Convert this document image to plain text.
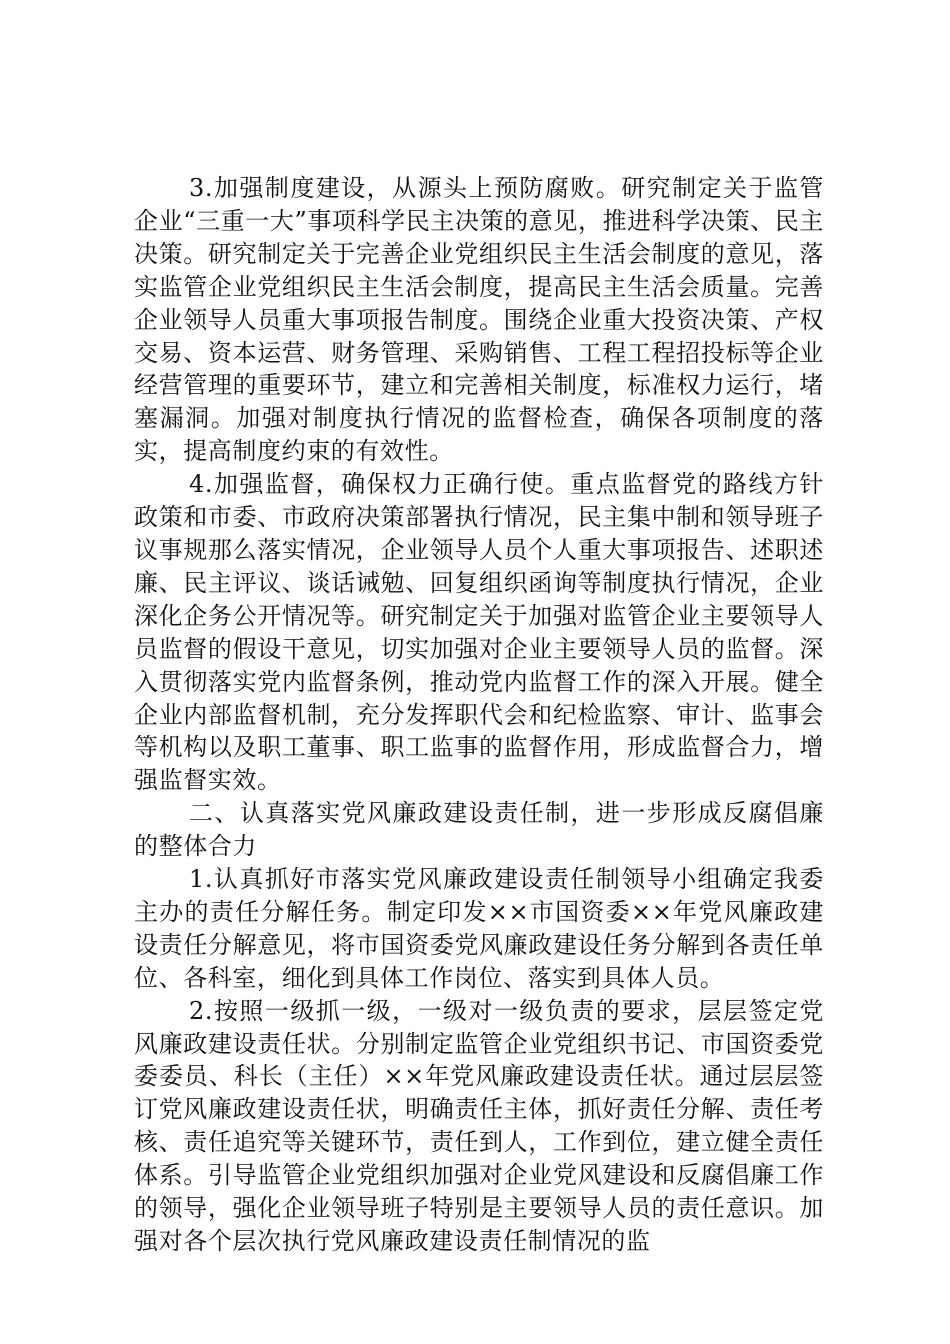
3.加强制度建设，从源头上预防腐败。研究制定关于监管企业“三重一大”事项科学民主决策的意见，推进科学决策、民主决策。研究制定关于完善企业党组织民主生活会制度的意见，落实监管企业党组织民主生活会制度，提高民主生活会质量。完善企业领导人员重大事项报告制度。围绕企业重大投资决策、产权交易、资本运营、财务管理、采购销售、工程工程招投标等企业经营管理的重要环节，建立和完善相关制度，标准权力运行，堵塞漏洞。加强对制度执行情况的监督检查，确保各项制度的落实，提高制度约束的有效性。

4.加强监督，确保权力正确行使。重点监督党的路线方针政策和市委、市政府决策部署执行情况，民主集中制和领导班子议事规那么落实情况，企业领导人员个人重大事项报告、述职述廉、民主评议、谈话诫勉、回复组织函询等制度执行情况，企业深化企务公开情况等。研究制定关于加强对监管企业主要领导人员监督的假设干意见，切实加强对企业主要领导人员的监督。深入贯彻落实党内监督条例，推动党内监督工作的深入开展。健全企业内部监督机制，充分发挥职代会和纪检监察、审计、监事会等机构以及职工董事、职工监事的监督作用，形成监督合力，增强监督实效。

二、认真落实党风廉政建设责任制，进一步形成反腐倡廉的整体合力

1.认真抓好市落实党风廉政建设责任制领导小组确定我委主办的责任分解任务。制定印发××市国资委××年党风廉政建设责任分解意见，将市国资委党风廉政建设任务分解到各责任单位、各科室，细化到具体工作岗位、落实到具体人员。

2.按照一级抓一级，一级对一级负责的要求，层层签定党风廉政建设责任状。分别制定监管企业党组织书记、市国资委党委委员、科长（主任）××年党风廉政建设责任状。通过层层签订党风廉政建设责任状，明确责任主体，抓好责任分解、责任考核、责任追究等关键环节，责任到人，工作到位，建立健全责任体系。引导监管企业党组织加强对企业党风建设和反腐倡廉工作的领导，强化企业领导班子特别是主要领导人员的责任意识。加强对各个层次执行党风廉政建设责任制情况的监
